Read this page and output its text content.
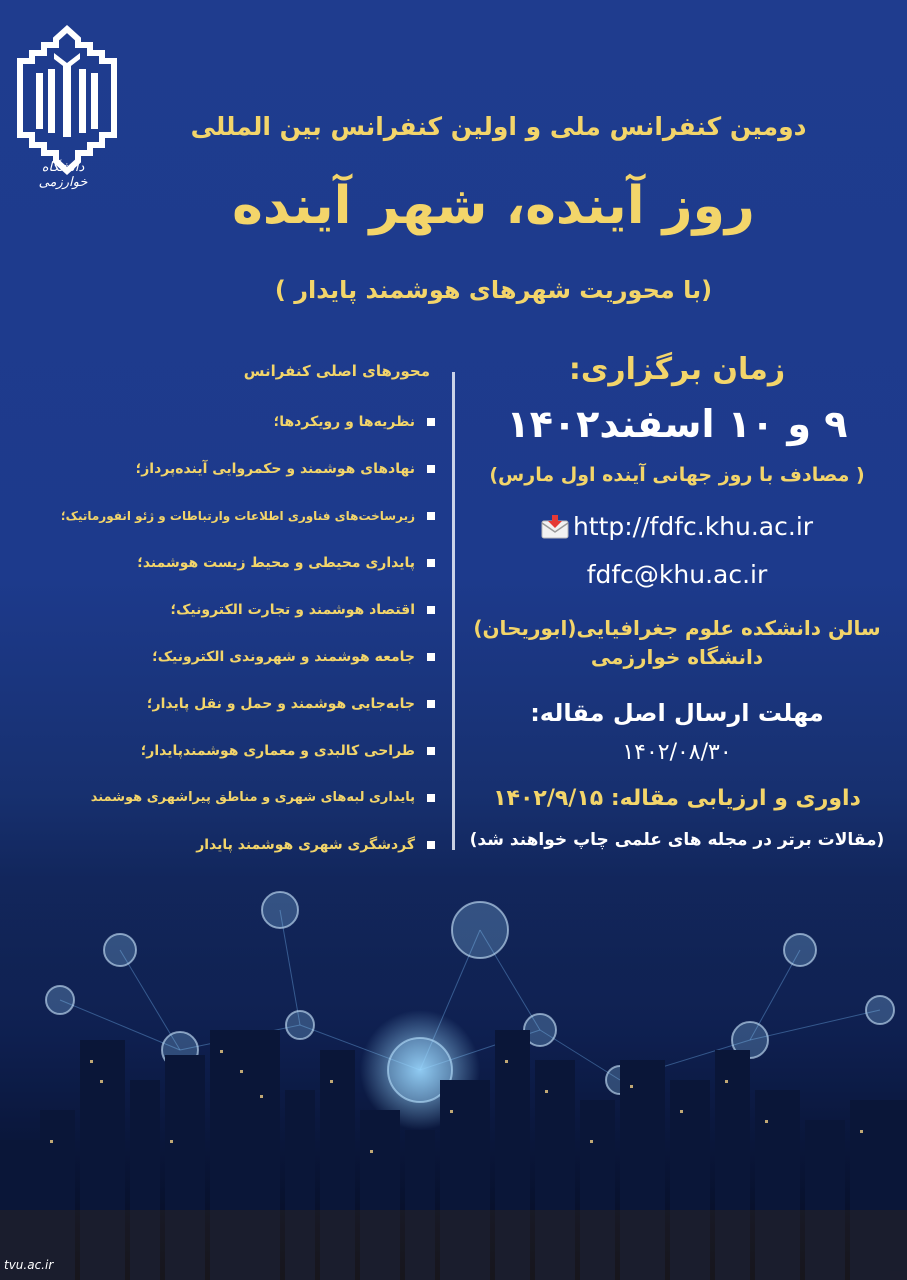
دانشگاه خوارزمی
دومین کنفرانس ملی و اولین کنفرانس بین المللی
روز آینده، شهر آینده
(با محوریت شهرهای هوشمند پایدار )
زمان برگزاری:
۹ و ۱۰ اسفند۱۴۰۲
( مصادف با روز جهانی آینده اول مارس)
http://fdfc.khu.ac.ir
fdfc@khu.ac.ir
سالن دانشکده علوم جغرافیایی(ابوریحان)
دانشگاه خوارزمی
مهلت ارسال اصل مقاله:
۱۴۰۲/۰۸/۳۰
داوری و ارزیابی مقاله: ۱۴۰۲/۹/۱۵
(مقالات برتر در مجله های علمی چاپ خواهند شد)
محورهای اصلی کنفرانس
نظریه‌ها و رویکردها؛
نهادهای هوشمند و حکمروایی آینده‌پرداز؛
زیرساخت‌های فناوری اطلاعات وارتباطات و ژئو انفورماتیک؛
پایداری محیطی و محیط زیست هوشمند؛
اقتصاد هوشمند و تجارت الکترونیک؛
جامعه هوشمند و شهروندی الکترونیک؛
جابه‌جایی هوشمند و حمل و نقل پایدار؛
طراحی کالبدی و معماری هوشمندپایدار؛
پایداری لبه‌های شهری و مناطق پیراشهری هوشمند
گردشگری شهری هوشمند پایدار
tvu.ac.ir
